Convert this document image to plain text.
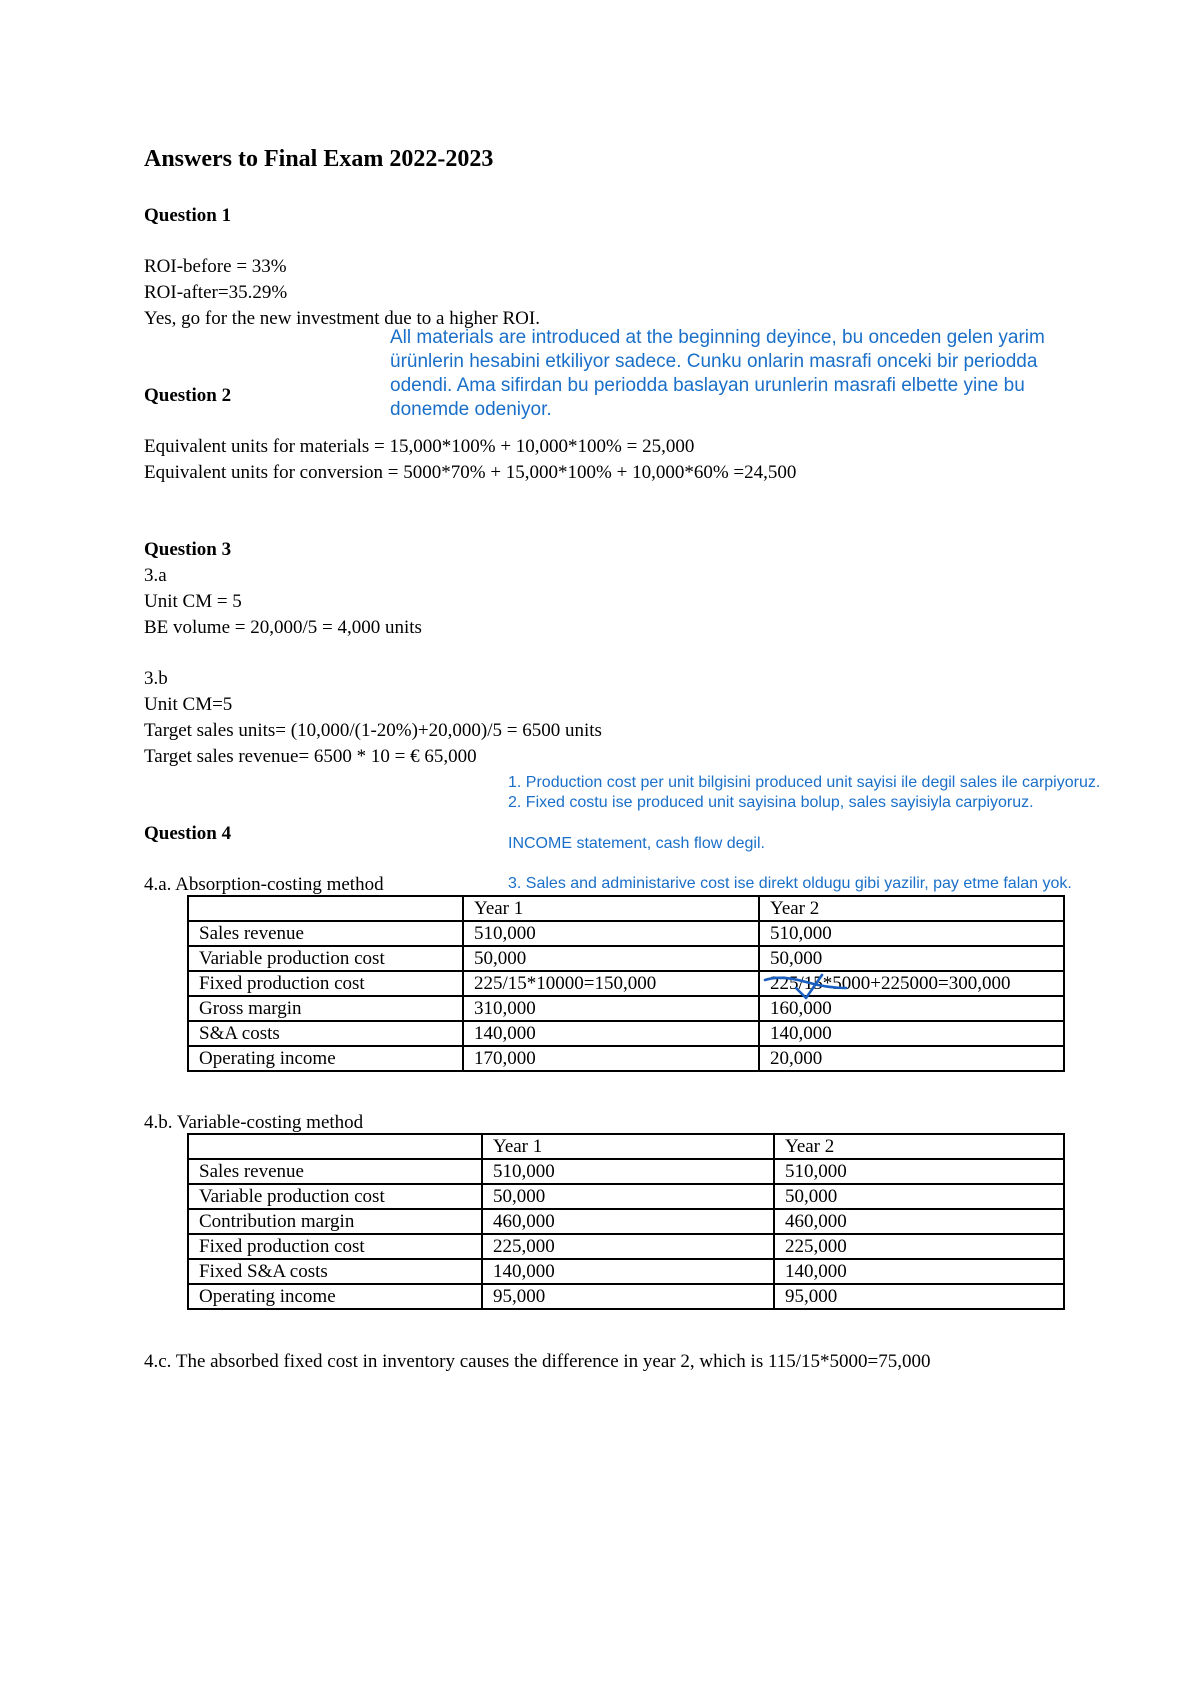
Answers to Final Exam 2022-2023
Question 1
ROI-before = 33%
ROI-after=35.29%
Yes, go for the new investment due to a higher ROI.
All materials are introduced at the beginning deyince, bu onceden gelen yarim
ürünlerin hesabini etkiliyor sadece. Cunku onlarin masrafi onceki bir periodda
odendi. Ama sifirdan bu periodda baslayan urunlerin masrafi elbette yine bu
donemde odeniyor.
Question 2
Equivalent units for materials = 15,000*100% + 10,000*100% = 25,000
Equivalent units for conversion = 5000*70% + 15,000*100% + 10,000*60% =24,500
Question 3
3.a
Unit CM = 5
BE volume = 20,000/5 = 4,000 units
3.b
Unit CM=5
Target sales units= (10,000/(1-20%)+20,000)/5 = 6500 units
Target sales revenue= 6500 * 10 = € 65,000
1. Production cost per unit bilgisini produced unit sayisi ile degil sales ile carpiyoruz.
2. Fixed costu ise produced unit sayisina bolup, sales sayisiyla carpiyoruz.
INCOME statement, cash flow degil.
3. Sales and administarive cost ise direkt oldugu gibi yazilir, pay etme falan yok.
Question 4
4.a. Absorption-costing method
	Year 1	Year 2
Sales revenue	510,000	510,000
Variable production cost	50,000	50,000
Fixed production cost	225/15*10000=150,000	225/15*5000+225000=300,000
Gross margin	310,000	160,000
S&A costs	140,000	140,000
Operating income	170,000	20,000
4.b. Variable-costing method
	Year 1	Year 2
Sales revenue	510,000	510,000
Variable production cost	50,000	50,000
Contribution margin	460,000	460,000
Fixed production cost	225,000	225,000
Fixed S&A costs	140,000	140,000
Operating income	95,000	95,000
4.c. The absorbed fixed cost in inventory causes the difference in year 2, which is 115/15*5000=75,000
